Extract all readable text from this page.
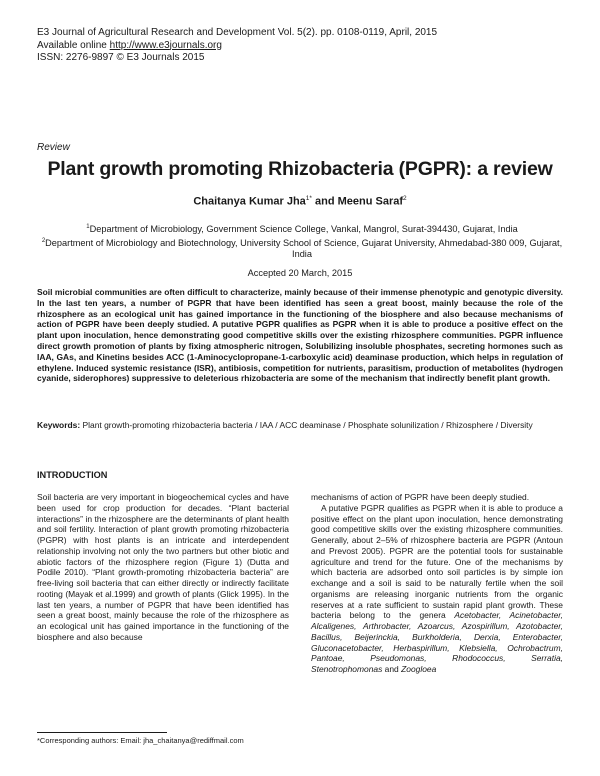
E3 Journal of Agricultural Research and Development Vol. 5(2). pp. 0108-0119, April, 2015
Available online http://www.e3journals.org
ISSN: 2276-9897 © E3 Journals 2015
Review
Plant growth promoting Rhizobacteria (PGPR): a review
Chaitanya Kumar Jha$^{1*}$ and Meenu Saraf$^2$
$^1$Department of Microbiology, Government Science College, Vankal, Mangrol, Surat-394430, Gujarat, India
$^2$Department of Microbiology and Biotechnology, University School of Science, Gujarat University, Ahmedabad-380 009, Gujarat, India
Accepted 20 March, 2015
Soil microbial communities are often difficult to characterize, mainly because of their immense phenotypic and genotypic diversity. In the last ten years, a number of PGPR that have been identified has seen a great boost, mainly because the role of the rhizosphere as an ecological unit has gained importance in the functioning of the biosphere and also because mechanisms of action of PGPR have been deeply studied. A putative PGPR qualifies as PGPR when it is able to produce a positive effect on the plant upon inoculation, hence demonstrating good competitive skills over the existing rhizosphere communities. PGPR influence direct growth promotion of plants by fixing atmospheric nitrogen, Solubilizing insoluble phosphates, secreting hormones such as IAA, GAs, and Kinetins besides ACC (1-Aminocyclopropane-1-carboxylic acid) deaminase production, which helps in regulation of ethylene. Induced systemic resistance (ISR), antibiosis, competition for nutrients, parasitism, production of metabolites (hydrogen cyanide, siderophores) suppressive to deleterious rhizobacteria are some of the mechanism that indirectly benefit plant growth.
Keywords: Plant growth-promoting rhizobacteria bacteria / IAA / ACC deaminase / Phosphate solunilization / Rhizosphere / Diversity
INTRODUCTION

Soil bacteria are very important in biogeochemical cycles and have been used for crop production for decades. “Plant bacterial interactions” in the rhizosphere are the determinants of plant health and soil fertility. Interaction of plant growth promoting rhizobacteria (PGPR) with host plants is an intricate and interdependent relationship involving not only the two partners but other biotic and abiotic factors of the rhizosphere region (Figure 1) (Dutta and Podile 2010). “Plant growth-promoting rhizobacteria bacteria” are free-living soil bacteria that can either directly or indirectly facilitate rooting (Mayak et al.1999) and growth of plants (Glick 1995). In the last ten years, a number of PGPR that have been identified has seen a great boost, mainly because the role of the rhizosphere as an ecological unit has gained importance in the functioning of the biosphere and also because

mechanisms of action of PGPR have been deeply studied.

A putative PGPR qualifies as PGPR when it is able to produce a positive effect on the plant upon inoculation, hence demonstrating good competitive skills over the existing rhizosphere communities. Generally, about 2–5% of rhizosphere bacteria are PGPR (Antoun and Prevost 2005). PGPR are the potential tools for sustainable agriculture and trend for the future. One of the mechanisms by which bacteria are adsorbed onto soil particles is by simple ion exchange and a soil is said to be naturally fertile when the soil organisms are releasing inorganic nutrients from the organic reserves at a rate sufficient to sustain rapid plant growth. These bacteria belong to the genera Acetobacter, Acinetobacter, Alcaligenes, Arthrobacter, Azoarcus, Azospirillum, Azotobacter, Bacillus, Beijerinckia, Burkholderia, Derxia, Enterobacter, Gluconacetobacter, Herbaspirillum, Klebsiella, Ochrobactrum, Pantoae, Pseudomonas, Rhodococcus, Serratia, Stenotrophomonas and Zoogloea

*Corresponding authors: Email: jha_chaitanya@rediffmail.com
